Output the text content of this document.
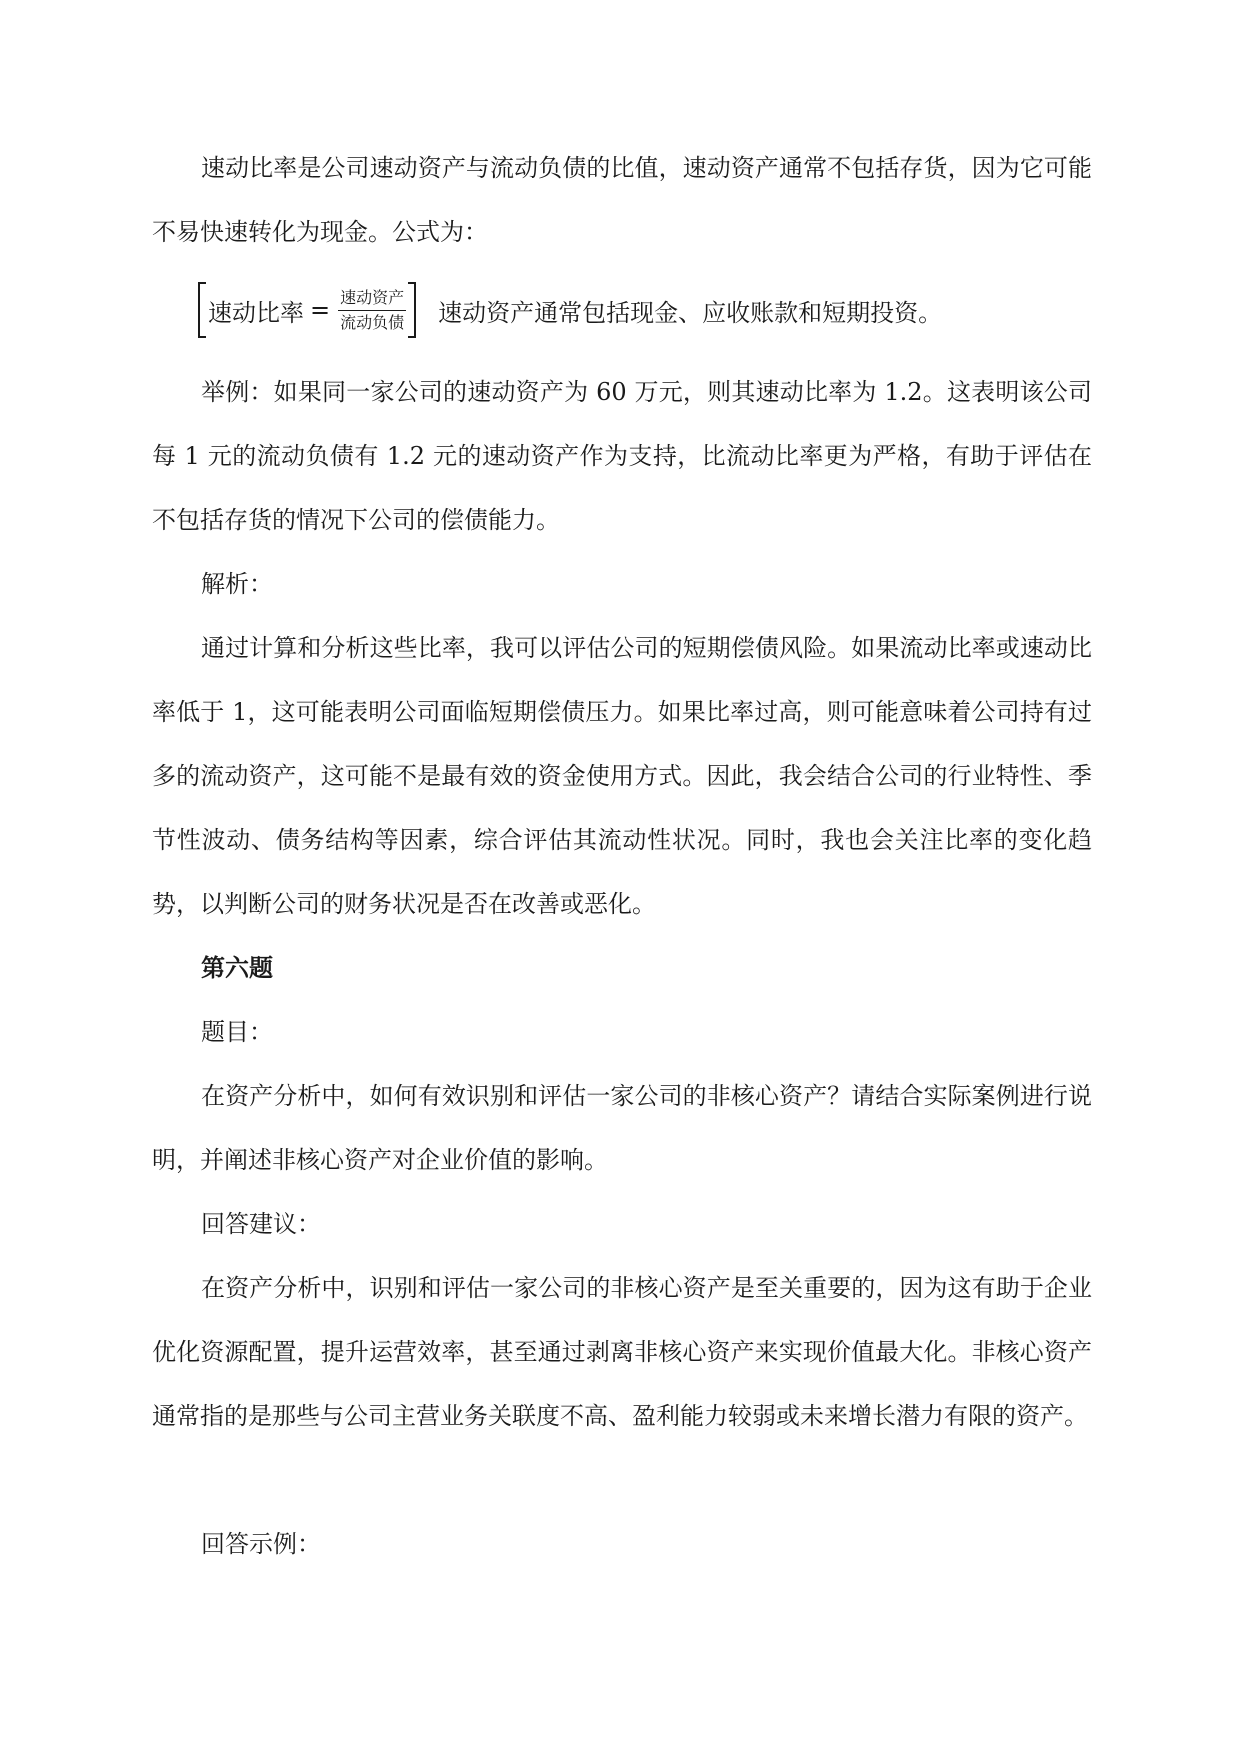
速动比率是公司速动资产与流动负债的比值，速动资产通常不包括存货，因为它可能不易快速转化为现金。公式为：

速动比率 = $\frac{\text{速动资产}}{\text{流动负债}}$ 速动资产通常包括现金、应收账款和短期投资。

举例：如果同一家公司的速动资产为 60 万元，则其速动比率为 1.2。这表明该公司每 1 元的流动负债有 1.2 元的速动资产作为支持，比流动比率更为严格，有助于评估在不包括存货的情况下公司的偿债能力。

解析：

通过计算和分析这些比率，我可以评估公司的短期偿债风险。如果流动比率或速动比率低于 1，这可能表明公司面临短期偿债压力。如果比率过高，则可能意味着公司持有过多的流动资产，这可能不是最有效的资金使用方式。因此，我会结合公司的行业特性、季节性波动、债务结构等因素，综合评估其流动性状况。同时，我也会关注比率的变化趋势，以判断公司的财务状况是否在改善或恶化。

第六题

题目：

在资产分析中，如何有效识别和评估一家公司的非核心资产？请结合实际案例进行说明，并阐述非核心资产对企业价值的影响。

回答建议：

在资产分析中，识别和评估一家公司的非核心资产是至关重要的，因为这有助于企业优化资源配置，提升运营效率，甚至通过剥离非核心资产来实现价值最大化。非核心资产通常指的是那些与公司主营业务关联度不高、盈利能力较弱或未来增长潜力有限的资产。

回答示例：
